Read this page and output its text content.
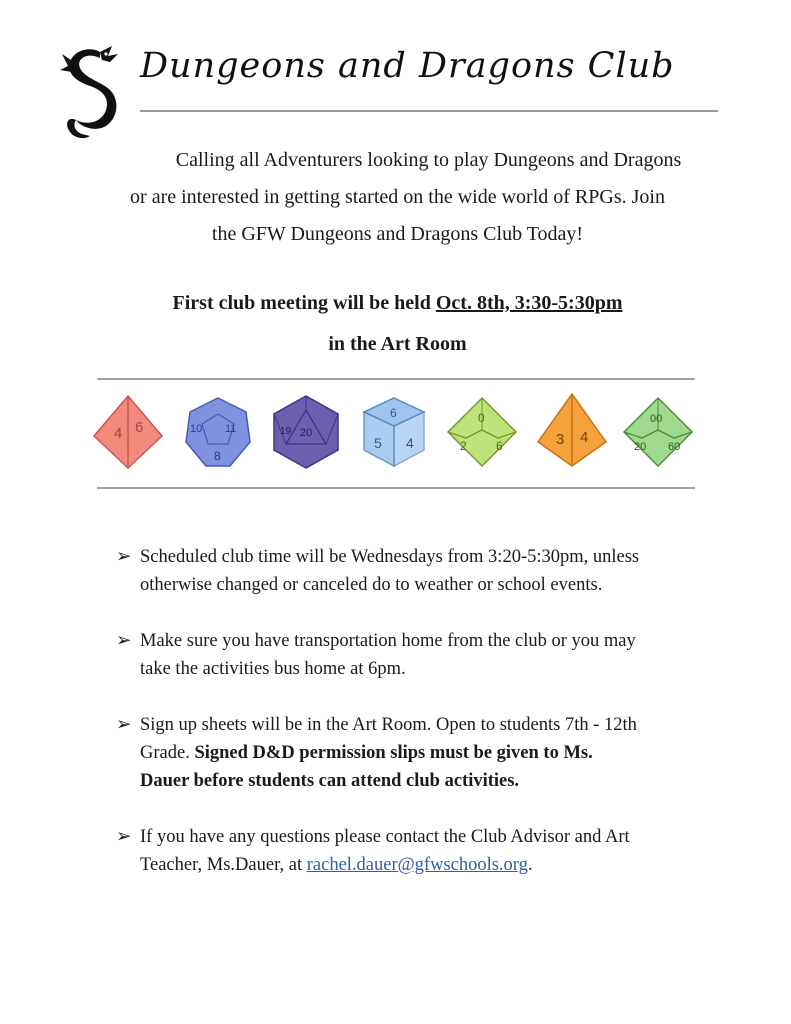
Dungeons and Dragons Club
Calling all Adventurers looking to play Dungeons and Dragons
or are interested in getting started on the wide world of RPGs. Join
the GFW Dungeons and Dragons Club Today!
First club meeting will be held Oct. 8th, 3:30-5:30pm
in the Art Room
4 6	10 11
8
19 20
6
5 4
0
2 6	3 4
00
20 60
➢ Scheduled club time will be Wednesdays from 3:20-5:30pm, unless
otherwise changed or canceled do to weather or school events.
➢ Make sure you have transportation home from the club or you may
take the activities bus home at 6pm.
➢ Sign up sheets will be in the Art Room. Open to students 7th - 12th
Grade. Signed D&D permission slips must be given to Ms.
Dauer before students can attend club activities.
➢ If you have any questions please contact the Club Advisor and Art
Teacher, Ms.Dauer, at rachel.dauer@gfwschools.org.
